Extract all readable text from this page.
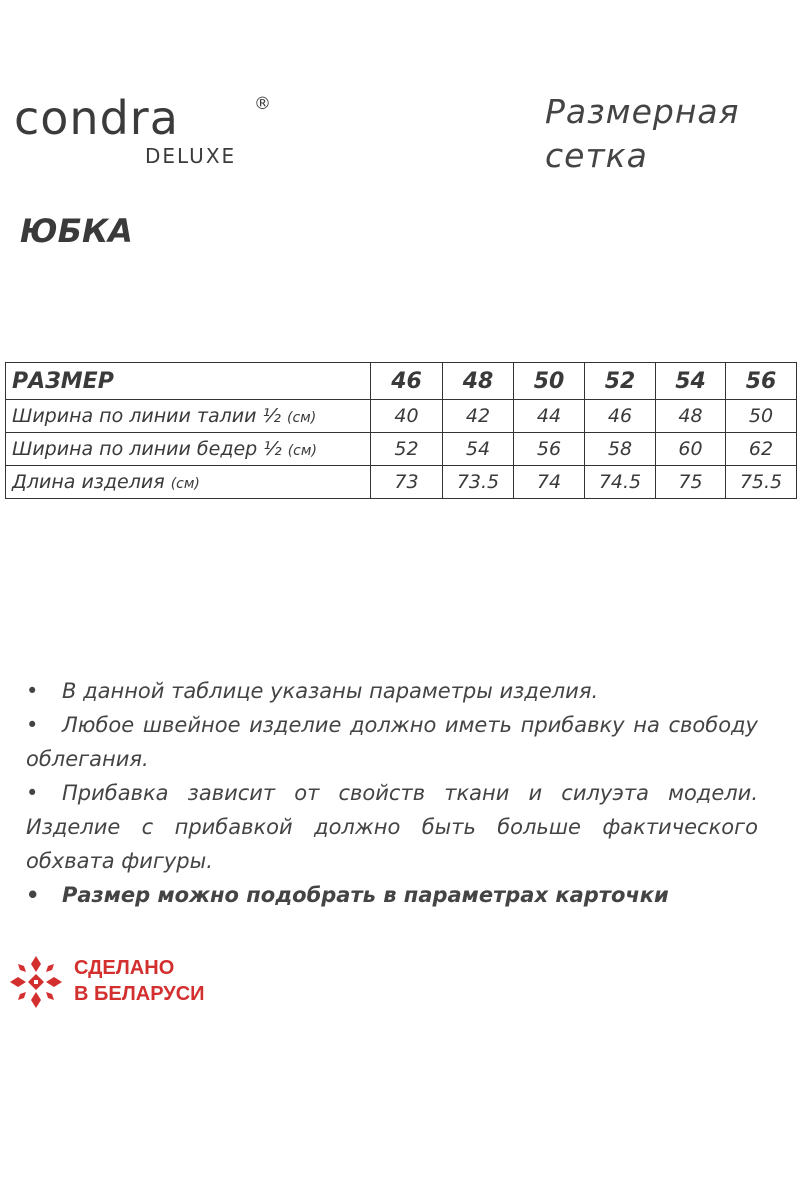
condra	®
DELUXE
Размерная
сетка
ЮБКА
РАЗМЕР	46	48	50	52	54	56
Ширина по линии талии ½ (см)	40	42	44	46	48	50
Ширина по линии бедер ½ (см)	52	54	56	58	60	62
Длина изделия (см)	73	73.5	74	74.5	75	75.5

• В данной таблице указаны параметры изделия.

• Любое швейное изделие должно иметь прибавку на свободу облегания.

• Прибавка зависит от свойств ткани и силуэта модели. Изделие с прибавкой должно быть больше фактического обхвата фигуры.

• Размер можно подобрать в параметрах карточки

СДЕЛАНО
В БЕЛАРУСИ
